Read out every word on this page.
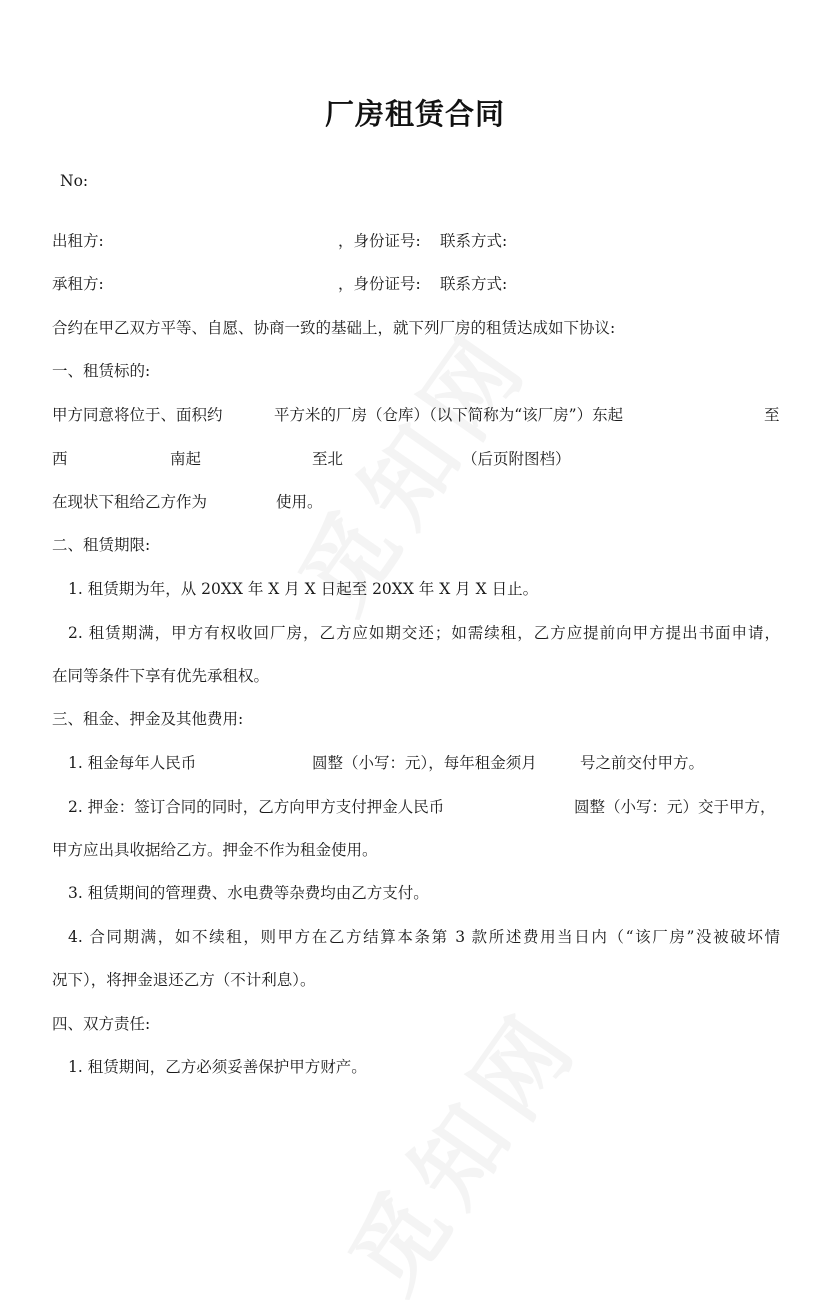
厂房租赁合同
No:
出租方:	，身份证号: 联系方式:
承租方:	，身份证号: 联系方式:
合约在甲乙双方平等、自愿、协商一致的基础上，就下列厂房的租赁达成如下协议:
一、租赁标的:
甲方同意将位于、面积约	平方米的厂房（仓库）（以下简称为“该厂房”）东起	至
西	南起	至北	（后页附图档）
在现状下租给乙方作为	使用。
二、租赁期限:
1. 租赁期为年，从 20XX 年 X 月 X 日起至 20XX 年 X 月 X 日止。
2. 租赁期满，甲方有权收回厂房，乙方应如期交还；如需续租，乙方应提前向甲方提出书面申请，
在同等条件下享有优先承租权。
三、租金、押金及其他费用:
1. 租金每年人民币	圆整（小写：元），每年租金须月	号之前交付甲方。
2. 押金：签订合同的同时，乙方向甲方支付押金人民币	圆整（小写：元）交于甲方，
甲方应出具收据给乙方。押金不作为租金使用。
3. 租赁期间的管理费、水电费等杂费均由乙方支付。
4. 合同期满，如不续租，则甲方在乙方结算本条第 3 款所述费用当日内（“该厂房”没被破坏情
况下），将押金退还乙方（不计利息）。
四、双方责任:
1. 租赁期间，乙方必须妥善保护甲方财产。
